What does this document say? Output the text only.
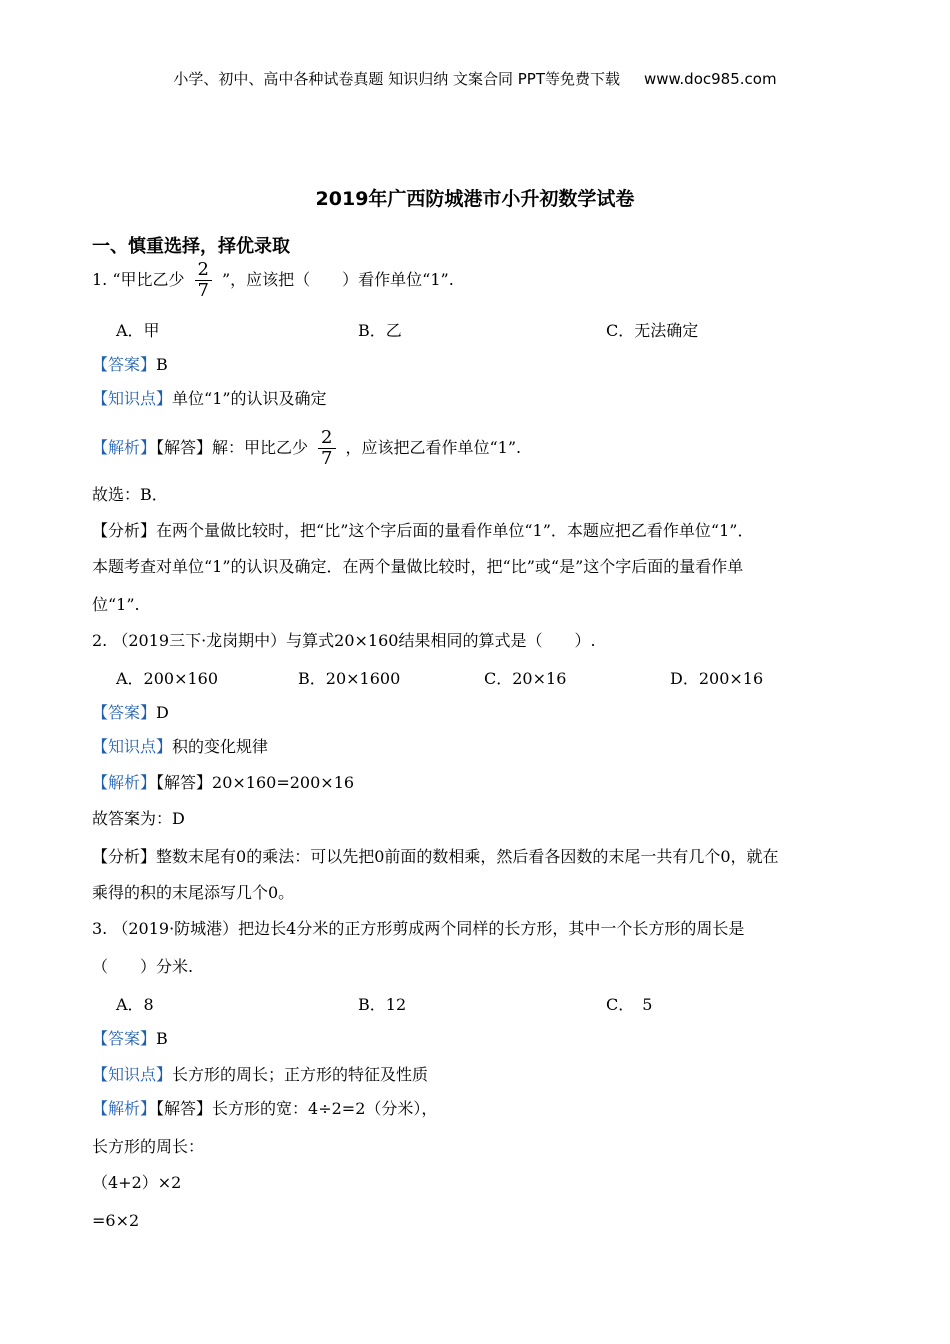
小学、初中、高中各种试卷真题 知识归纳 文案合同 PPT等免费下载 www.doc985.com
2019年广西防城港市小升初数学试卷
一、慎重选择，择优录取
1. “甲比乙少 $\frac{2}{7}$ ”，应该把（　　）看作单位“1”.
A．甲	B．乙	C．无法确定
【答案】B
【知识点】单位“1”的认识及确定
【解析】【解答】解：甲比乙少 $\frac{2}{7}$ ，应该把乙看作单位“1”.
故选：B．
【分析】在两个量做比较时，把“比”这个字后面的量看作单位“1”．本题应把乙看作单位“1”．
本题考查对单位“1”的认识及确定．在两个量做比较时，把“比”或“是”这个字后面的量看作单
位“1”.
2. （2019三下·龙岗期中）与算式20×160结果相同的算式是（　　）.
A．200×160	B．20×1600	C．20×16	D．200×16
【答案】D
【知识点】积的变化规律
【解析】【解答】20×160=200×16
故答案为：D
【分析】整数末尾有0的乘法：可以先把0前面的数相乘，然后看各因数的末尾一共有几个0，就在
乘得的积的末尾添写几个0。
3. （2019·防城港）把边长4分米的正方形剪成两个同样的长方形，其中一个长方形的周长是
（　　）分米.
A．8	B．12	C．　5
【答案】B
【知识点】长方形的周长；正方形的特征及性质
【解析】【解答】长方形的宽：4÷2=2（分米），
长方形的周长：
（4+2）×2
=6×2
